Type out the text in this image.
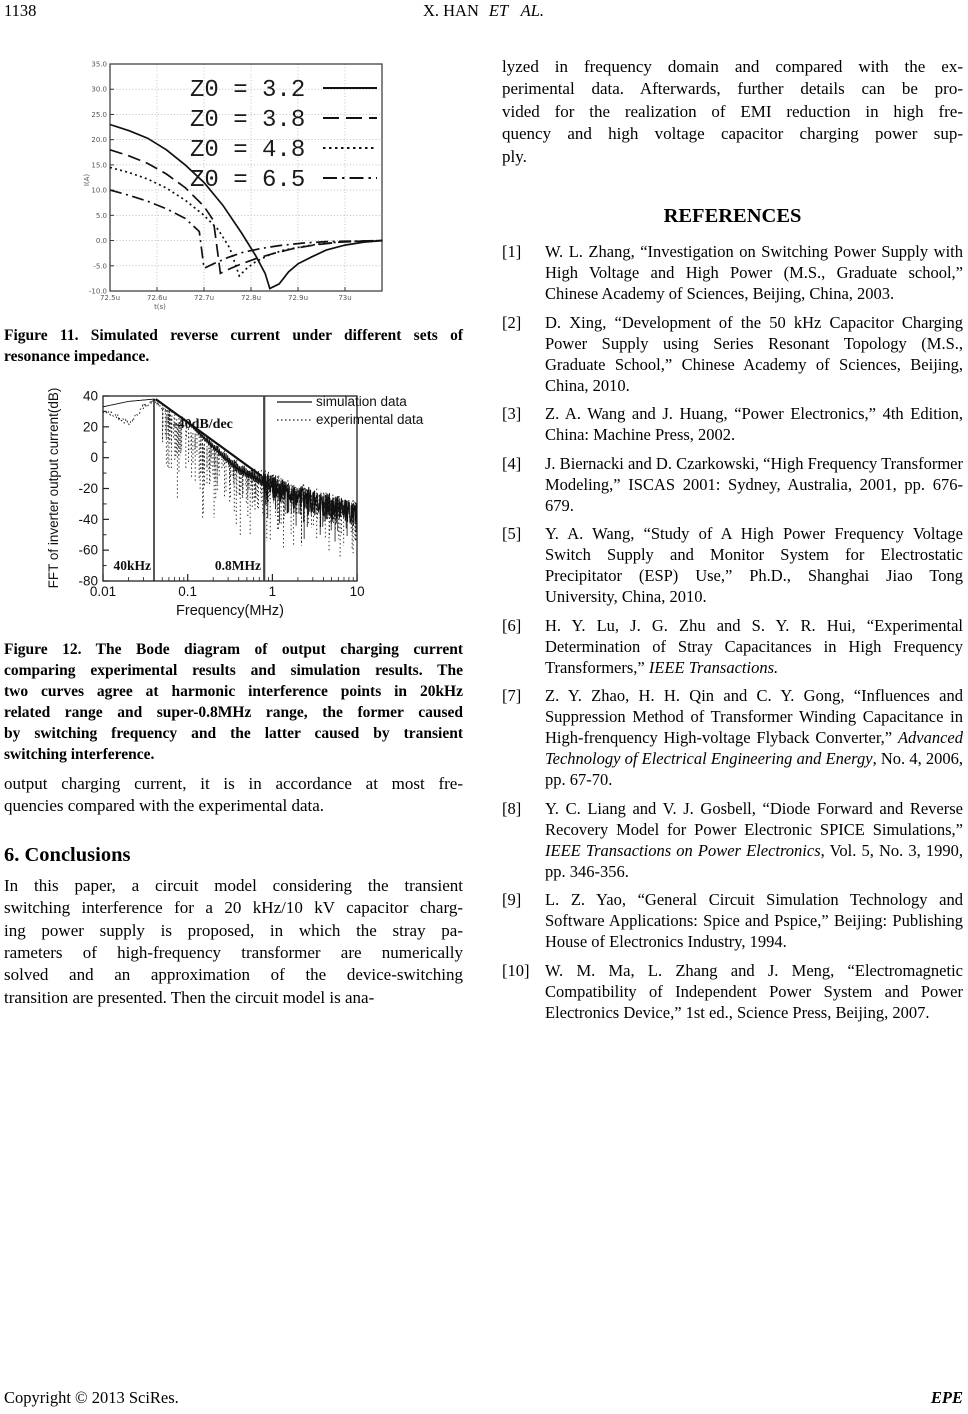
1138	X. HAN ET AL.
35.0
30.0
25.0
20.0
15.0
10.0
5.0
0.0
-5.0
-10.0
72.5u	72.6u	72.7u	72.8u	72.9u	73u
t(s)
I(A)
Z0 = 3.2
Z0 = 3.8
Z0 = 4.8
Z0 = 6.5
Figure 11. Simulated reverse current under different sets of
resonance impedance.
40
20
0
-20
-40
-60
-80
0.01	0.1	1	10
Frequency(MHz)
FFT of inverter output current(dB)	simulation data
experimental data
-40dB/dec
40kHz	0.8MHz
Figure 12. The Bode diagram of output charging current
comparing experimental results and simulation results. The
two curves agree at harmonic interference points in 20kHz
related range and super-0.8MHz range, the former caused
by switching frequency and the latter caused by transient
switching interference.
output charging current, it is in accordance at most fre-
quencies compared with the experimental data.
6. Conclusions
In this paper, a circuit model considering the transient
switching interference for a 20 kHz/10 kV capacitor charg-
ing power supply is proposed, in which the stray pa-
rameters of high-frequency transformer are numerically
solved and an approximation of the device-switching
transition are presented. Then the circuit model is ana-
lyzed in frequency domain and compared with the ex-
perimental data. Afterwards, further details can be pro-
vided for the realization of EMI reduction in high fre-
quency and high voltage capacitor charging power sup-
ply.
REFERENCES
[1] W. L. Zhang, “Investigation on Switching Power Supply with High Voltage and High Power (M.S., Graduate school,” Chinese Academy of Sciences, Beijing, China, 2003.
[2] D. Xing, “Development of the 50 kHz Capacitor Charging Power Supply using Series Resonant Topology (M.S., Graduate School,” Chinese Academy of Sciences, Beijing, China, 2010.
[3] Z. A. Wang and J. Huang, “Power Electronics,” 4th Edition, China: Machine Press, 2002.
[4] J. Biernacki and D. Czarkowski, “High Frequency Transformer Modeling,” ISCAS 2001: Sydney, Australia, 2001, pp. 676-679.
[5] Y. A. Wang, “Study of A High Power Frequency Voltage Switch Supply and Monitor System for Electrostatic Precipitator (ESP) Use,” Ph.D., Shanghai Jiao Tong University, China, 2010.
[6] H. Y. Lu, J. G. Zhu and S. Y. R. Hui, “Experimental Determination of Stray Capacitances in High Frequency Transformers,” IEEE Transactions.
[7] Z. Y. Zhao, H. H. Qin and C. Y. Gong, “Influences and Suppression Method of Transformer Winding Capacitance in High-frenquency High-voltage Flyback Converter,” Advanced Technology of Electrical Engineering and Energy, No. 4, 2006, pp. 67-70.
[8] Y. C. Liang and V. J. Gosbell, “Diode Forward and Reverse Recovery Model for Power Electronic SPICE Simulations,” IEEE Transactions on Power Electronics, Vol. 5, No. 3, 1990, pp. 346-356.
[9] L. Z. Yao, “General Circuit Simulation Technology and Software Applications: Spice and Pspice,” Beijing: Publishing House of Electronics Industry, 1994.
[10] W. M. Ma, L. Zhang and J. Meng, “Electromagnetic Compatibility of Independent Power System and Power Electronics Device,” 1st ed., Science Press, Beijing, 2007.
Copyright © 2013 SciRes.	EPE
